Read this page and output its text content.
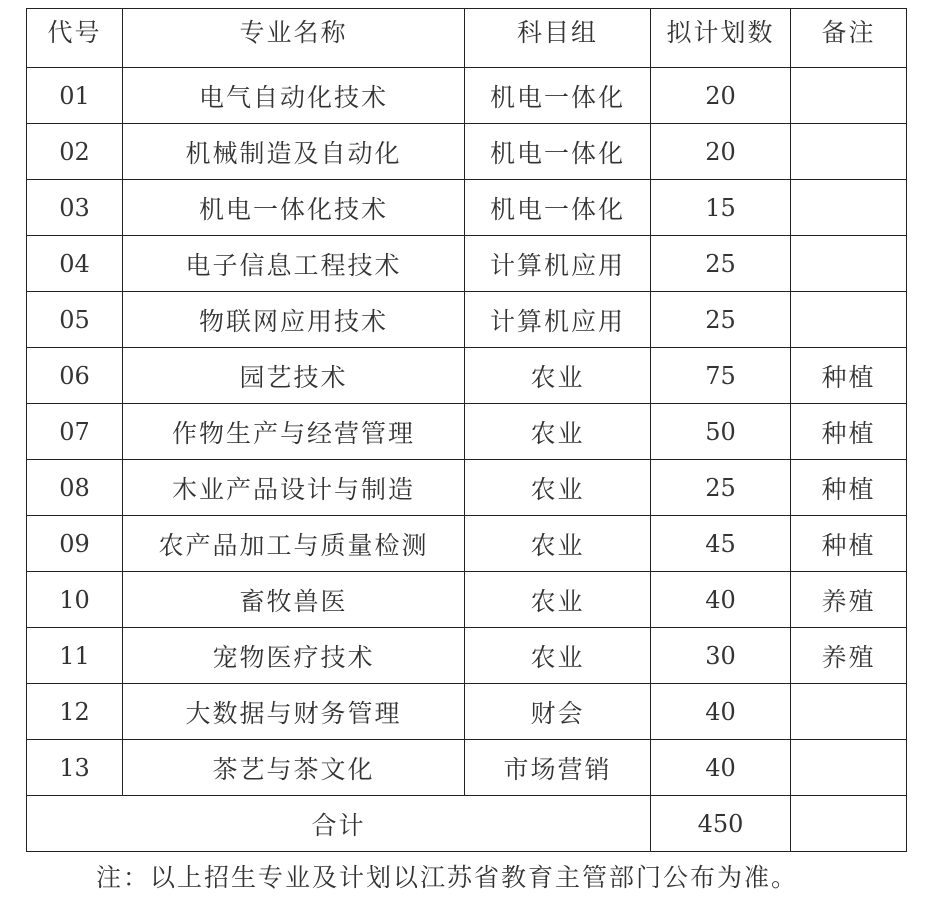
代号	专业名称	科目组	拟计划数	备注
01	电气自动化技术	机电一体化	20	
02	机械制造及自动化	机电一体化	20	
03	机电一体化技术	机电一体化	15	
04	电子信息工程技术	计算机应用	25	
05	物联网应用技术	计算机应用	25	
06	园艺技术	农业	75	种植
07	作物生产与经营管理	农业	50	种植
08	木业产品设计与制造	农业	25	种植
09	农产品加工与质量检测	农业	45	种植
10	畜牧兽医	农业	40	养殖
11	宠物医疗技术	农业	30	养殖
12	大数据与财务管理	财会	40	
13	茶艺与茶文化	市场营销	40	
合计			450	
注：以上招生专业及计划以江苏省教育主管部门公布为准。
